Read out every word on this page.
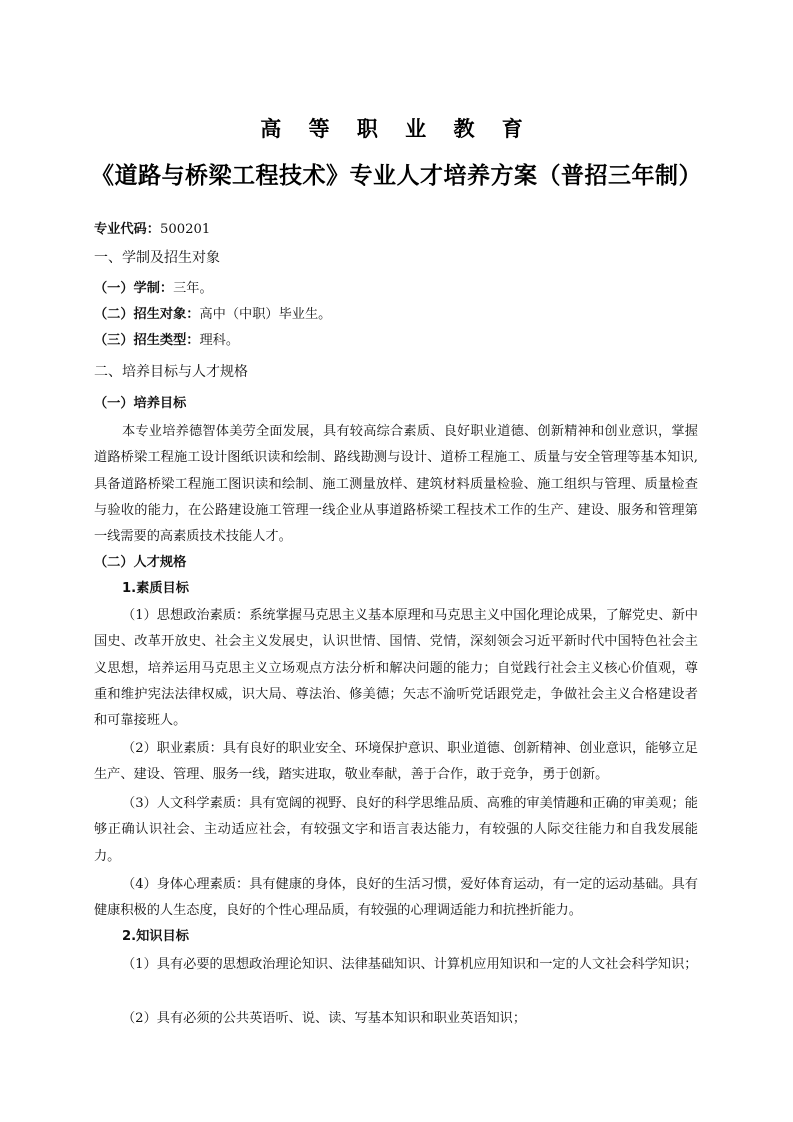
高 等 职 业 教 育
《道路与桥梁工程技术》专业人才培养方案（普招三年制）
专业代码：500201
一、学制及招生对象
（一）学制：三年。
（二）招生对象：高中（中职）毕业生。
（三）招生类型：理科。
二、培养目标与人才规格
（一）培养目标
本专业培养德智体美劳全面发展，具有较高综合素质、良好职业道德、创新精神和创业意识，掌握道路桥梁工程施工设计图纸识读和绘制、路线勘测与设计、道桥工程施工、质量与安全管理等基本知识,具备道路桥梁工程施工图识读和绘制、施工测量放样、建筑材料质量检验、施工组织与管理、质量检查与验收的能力，在公路建设施工管理一线企业从事道路桥梁工程技术工作的生产、建设、服务和管理第一线需要的高素质技术技能人才。
（二）人才规格
1.素质目标
（1）思想政治素质：系统掌握马克思主义基本原理和马克思主义中国化理论成果，了解党史、新中国史、改革开放史、社会主义发展史，认识世情、国情、党情，深刻领会习近平新时代中国特色社会主义思想，培养运用马克思主义立场观点方法分析和解决问题的能力；自觉践行社会主义核心价值观，尊重和维护宪法法律权威，识大局、尊法治、修美德；矢志不渝听党话跟党走，争做社会主义合格建设者和可靠接班人。
（2）职业素质：具有良好的职业安全、环境保护意识、职业道德、创新精神、创业意识，能够立足生产、建设、管理、服务一线，踏实进取，敬业奉献，善于合作，敢于竞争，勇于创新。
（3）人文科学素质：具有宽阔的视野、良好的科学思维品质、高雅的审美情趣和正确的审美观；能够正确认识社会、主动适应社会，有较强文字和语言表达能力，有较强的人际交往能力和自我发展能力。
（4）身体心理素质：具有健康的身体，良好的生活习惯，爱好体育运动，有一定的运动基础。具有健康积极的人生态度，良好的个性心理品质，有较强的心理调适能力和抗挫折能力。
2.知识目标
（1）具有必要的思想政治理论知识、法律基础知识、计算机应用知识和一定的人文社会科学知识；
（2）具有必须的公共英语听、说、读、写基本知识和职业英语知识；
